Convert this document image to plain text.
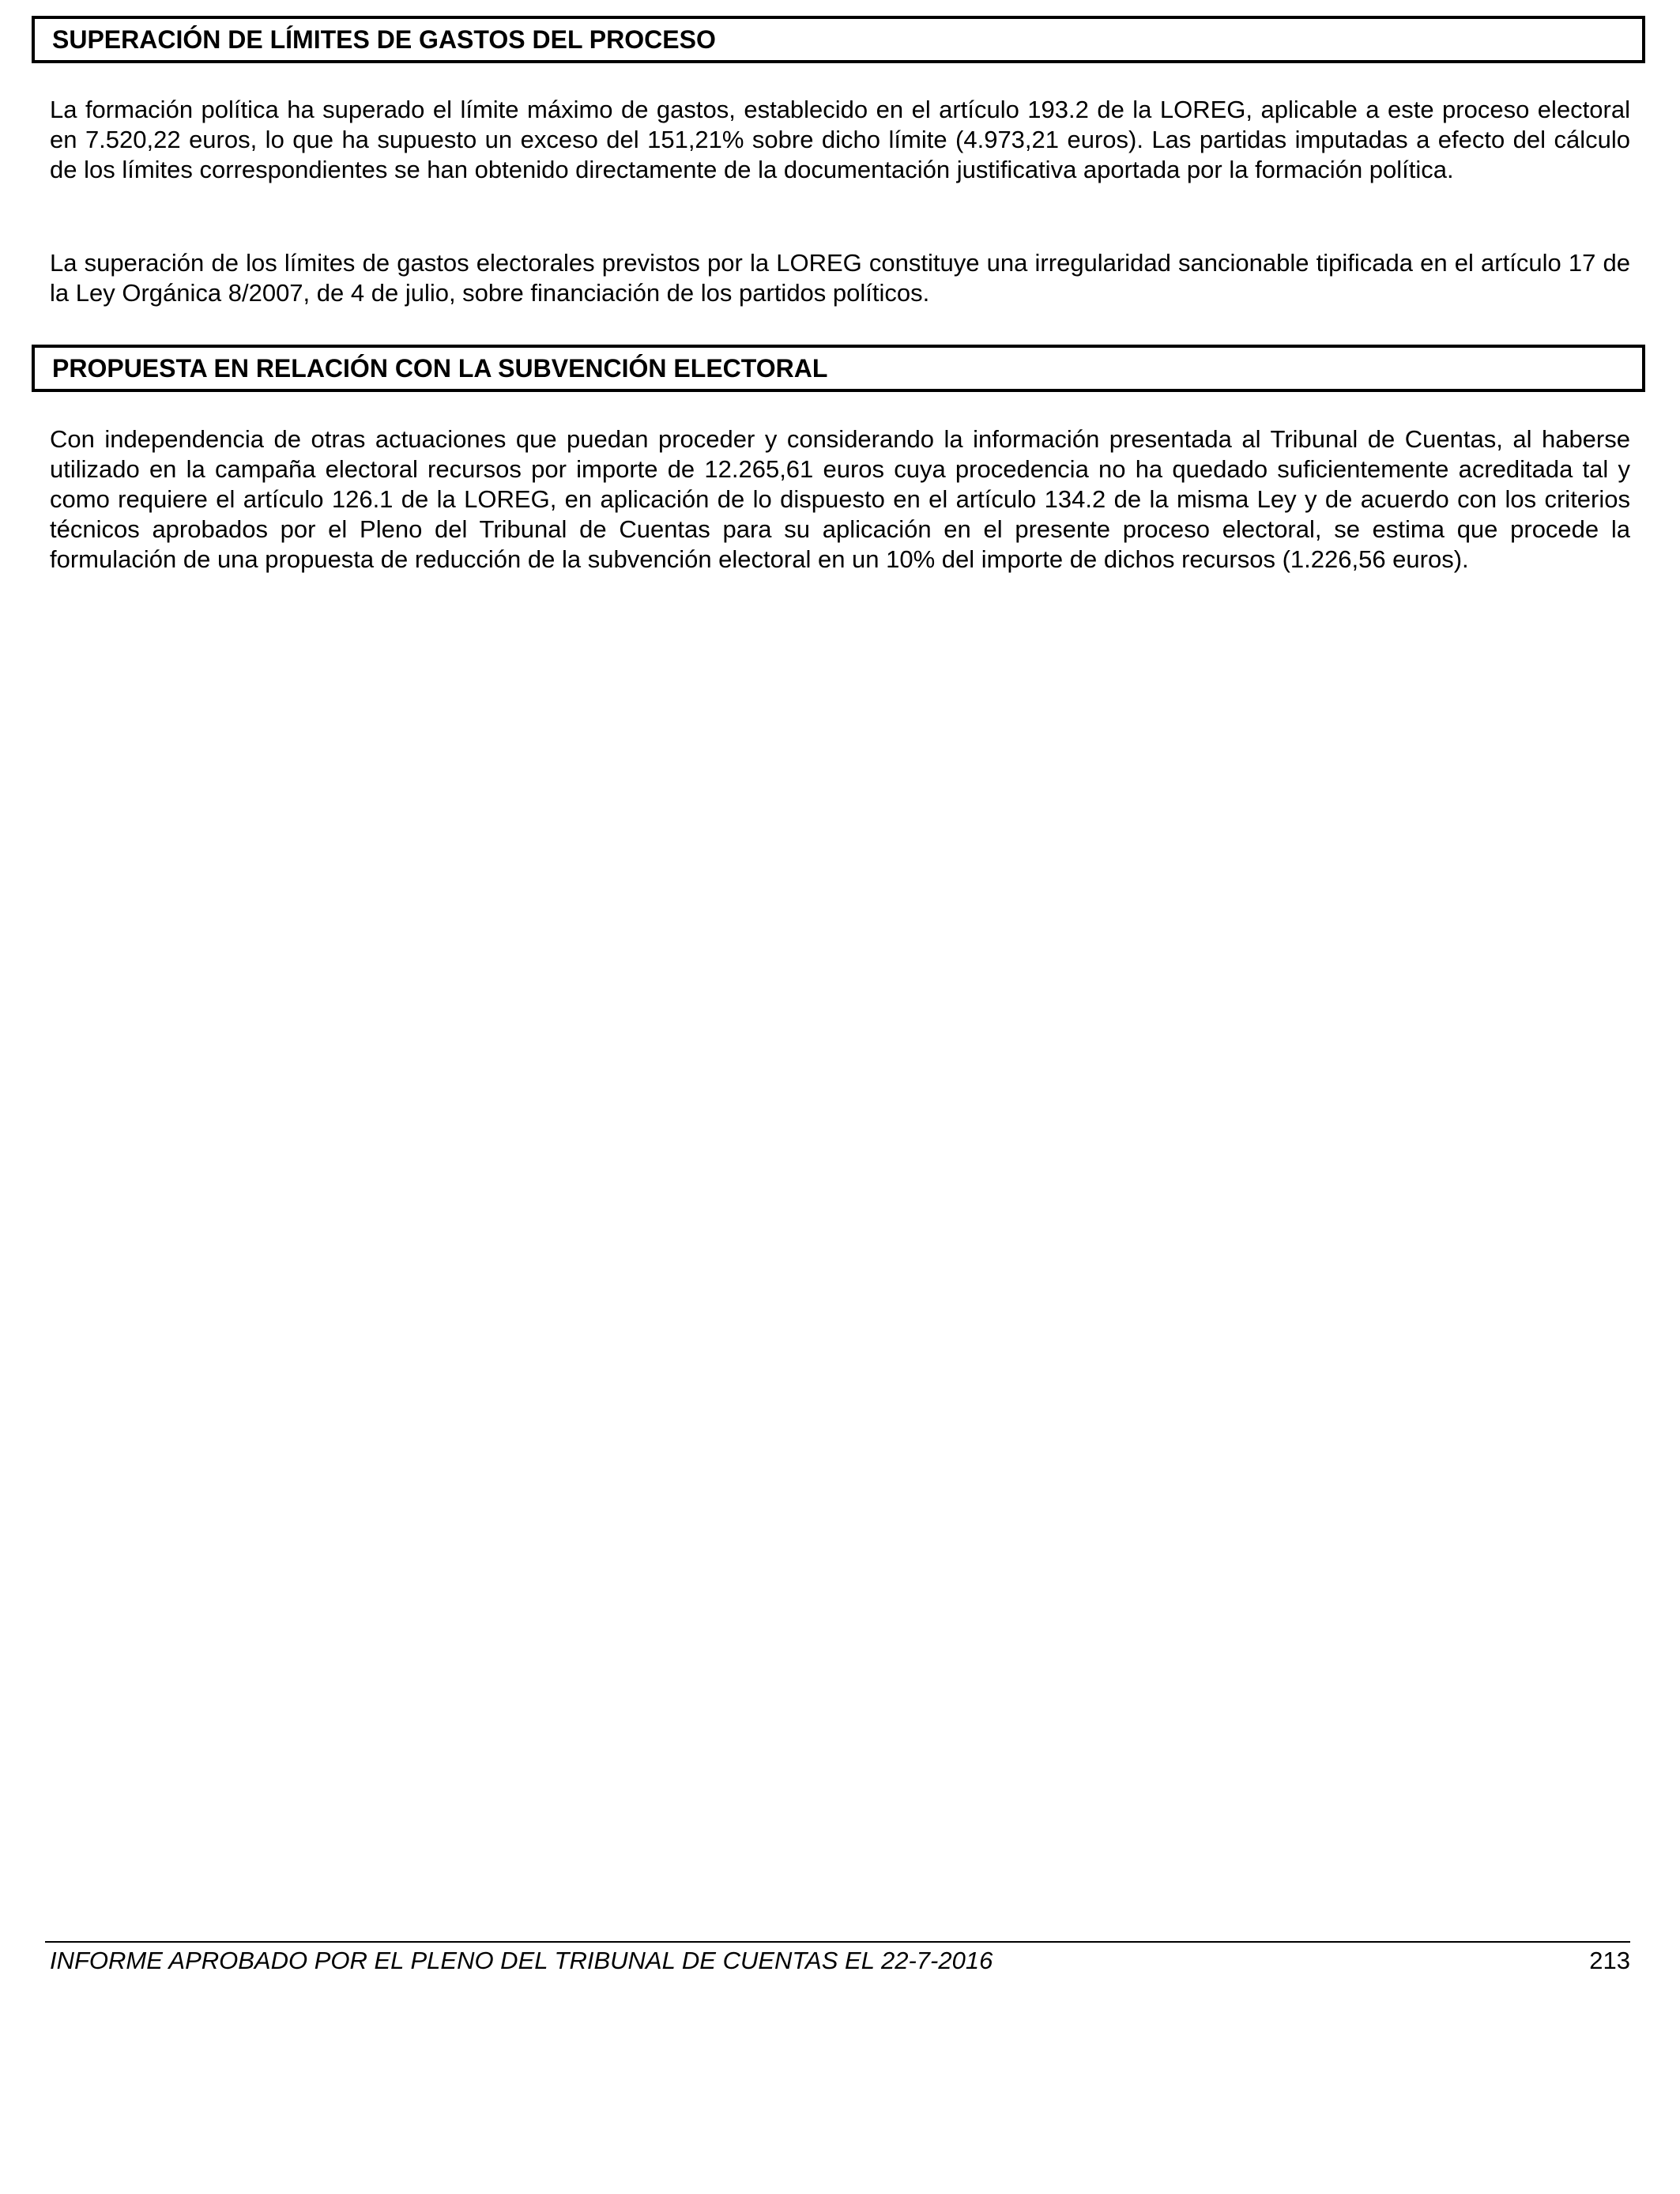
SUPERACIÓN DE LÍMITES DE GASTOS DEL PROCESO

La formación política ha superado el límite máximo de gastos, establecido en el artículo 193.2 de la LOREG, aplicable a este proceso electoral en 7.520,22 euros, lo que ha supuesto un exceso del 151,21% sobre dicho límite (4.973,21 euros). Las partidas imputadas a efecto del cálculo de los límites correspondientes se han obtenido directamente de la documentación justificativa aportada por la formación política.

La superación de los límites de gastos electorales previstos por la LOREG constituye una irregularidad sancionable tipificada en el artículo 17 de la Ley Orgánica 8/2007, de 4 de julio, sobre financiación de los partidos políticos.

PROPUESTA EN RELACIÓN CON LA SUBVENCIÓN ELECTORAL

Con independencia de otras actuaciones que puedan proceder y considerando la información presentada al Tribunal de Cuentas, al haberse utilizado en la campaña electoral recursos por importe de 12.265,61 euros cuya procedencia no ha quedado suficientemente acreditada tal y como requiere el artículo 126.1 de la LOREG, en aplicación de lo dispuesto en el artículo 134.2 de la misma Ley y de acuerdo con los criterios técnicos aprobados por el Pleno del Tribunal de Cuentas para su aplicación en el presente proceso electoral, se estima que procede la formulación de una propuesta de reducción de la subvención electoral en un 10% del importe de dichos recursos (1.226,56 euros).

INFORME APROBADO POR EL PLENO DEL TRIBUNAL DE CUENTAS EL 22-7-2016	213
